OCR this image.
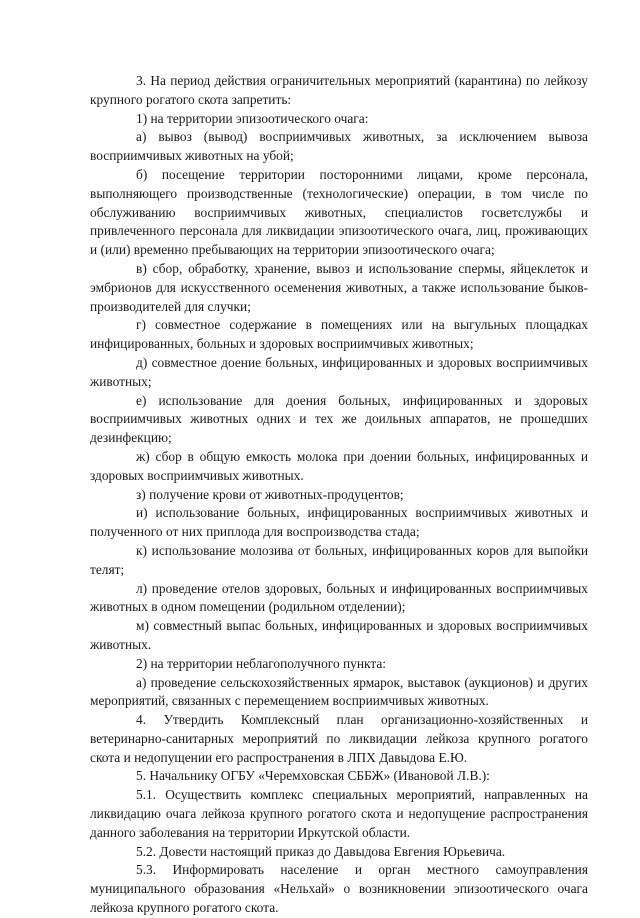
3. На период действия ограничительных мероприятий (карантина) по лейкозу крупного рогатого скота запретить:

1) на территории эпизоотического очага:

а) вывоз (вывод) восприимчивых животных, за исключением вывоза восприимчивых животных на убой;

б) посещение территории посторонними лицами, кроме персонала, выполняющего производственные (технологические) операции, в том числе по обслуживанию восприимчивых животных, специалистов госветслужбы и привлеченного персонала для ликвидации эпизоотического очага, лиц, проживающих и (или) временно пребывающих на территории эпизоотического очага;

в) сбор, обработку, хранение, вывоз и использование спермы, яйцеклеток и эмбрионов для искусственного осеменения животных, а также использование быков-производителей для случки;

г) совместное содержание в помещениях или на выгульных площадках инфицированных, больных и здоровых восприимчивых животных;

д) совместное доение больных, инфицированных и здоровых восприимчивых животных;

е) использование для доения больных, инфицированных и здоровых восприимчивых животных одних и тех же доильных аппаратов, не прошедших дезинфекцию;

ж) сбор в общую емкость молока при доении больных, инфицированных и здоровых восприимчивых животных.

з) получение крови от животных-продуцентов;

и) использование больных, инфицированных восприимчивых животных и полученного от них приплода для воспроизводства стада;

к) использование молозива от больных, инфицированных коров для выпойки телят;

л) проведение отелов здоровых, больных и инфицированных восприимчивых животных в одном помещении (родильном отделении);

м) совместный выпас больных, инфицированных и здоровых восприимчивых животных.

2) на территории неблагополучного пункта:

а) проведение сельскохозяйственных ярмарок, выставок (аукционов) и других мероприятий, связанных с перемещением восприимчивых животных.

4. Утвердить Комплексный план организационно-хозяйственных и ветеринарно-санитарных мероприятий по ликвидации лейкоза крупного рогатого скота и недопущении его распространения в ЛПХ Давыдова Е.Ю.

5. Начальнику ОГБУ «Черемховская СББЖ» (Ивановой Л.В.):

5.1. Осуществить комплекс специальных мероприятий, направленных на ликвидацию очага лейкоза крупного рогатого скота и недопущение распространения данного заболевания на территории Иркутской области.

5.2. Довести настоящий приказ до Давыдова Евгения Юрьевича.

5.3. Информировать население и орган местного самоуправления муниципального образования «Нельхай» о возникновении эпизоотического очага лейкоза крупного рогатого скота.
